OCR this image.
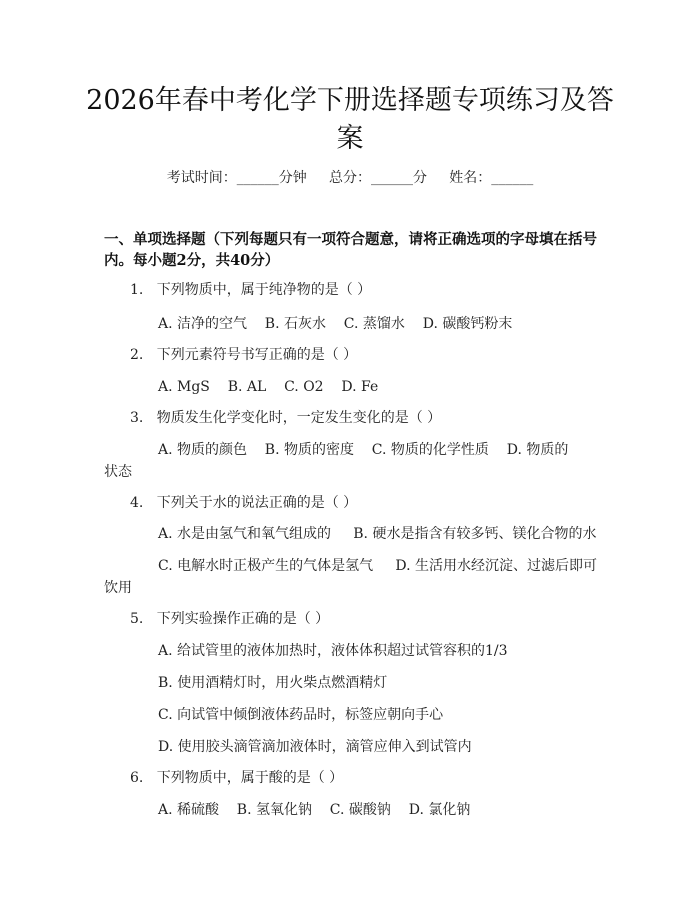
2026年春中考化学下册选择题专项练习及答
案
考试时间：______分钟     总分：______分     姓名：______
一、单项选择题（下列每题只有一项符合题意，请将正确选项的字母填在括号
内。每小题2分，共40分）
1.   下列物质中，属于纯净物的是（ ）
A. 洁净的空气    B. 石灰水    C. 蒸馏水    D. 碳酸钙粉末
2.   下列元素符号书写正确的是（ ）
A. MgS    B. AL    C. O2    D. Fe
3.   物质发生化学变化时，一定发生变化的是（ ）
A. 物质的颜色    B. 物质的密度    C. 物质的化学性质    D. 物质的
状态
4.   下列关于水的说法正确的是（ ）
A. 水是由氢气和氧气组成的     B. 硬水是指含有较多钙、镁化合物的水
C. 电解水时正极产生的气体是氢气     D. 生活用水经沉淀、过滤后即可
饮用
5.   下列实验操作正确的是（ ）
A. 给试管里的液体加热时，液体体积超过试管容积的1/3
B. 使用酒精灯时，用火柴点燃酒精灯
C. 向试管中倾倒液体药品时，标签应朝向手心
D. 使用胶头滴管滴加液体时，滴管应伸入到试管内
6.   下列物质中，属于酸的是（ ）
A. 稀硫酸    B. 氢氧化钠    C. 碳酸钠    D. 氯化钠
